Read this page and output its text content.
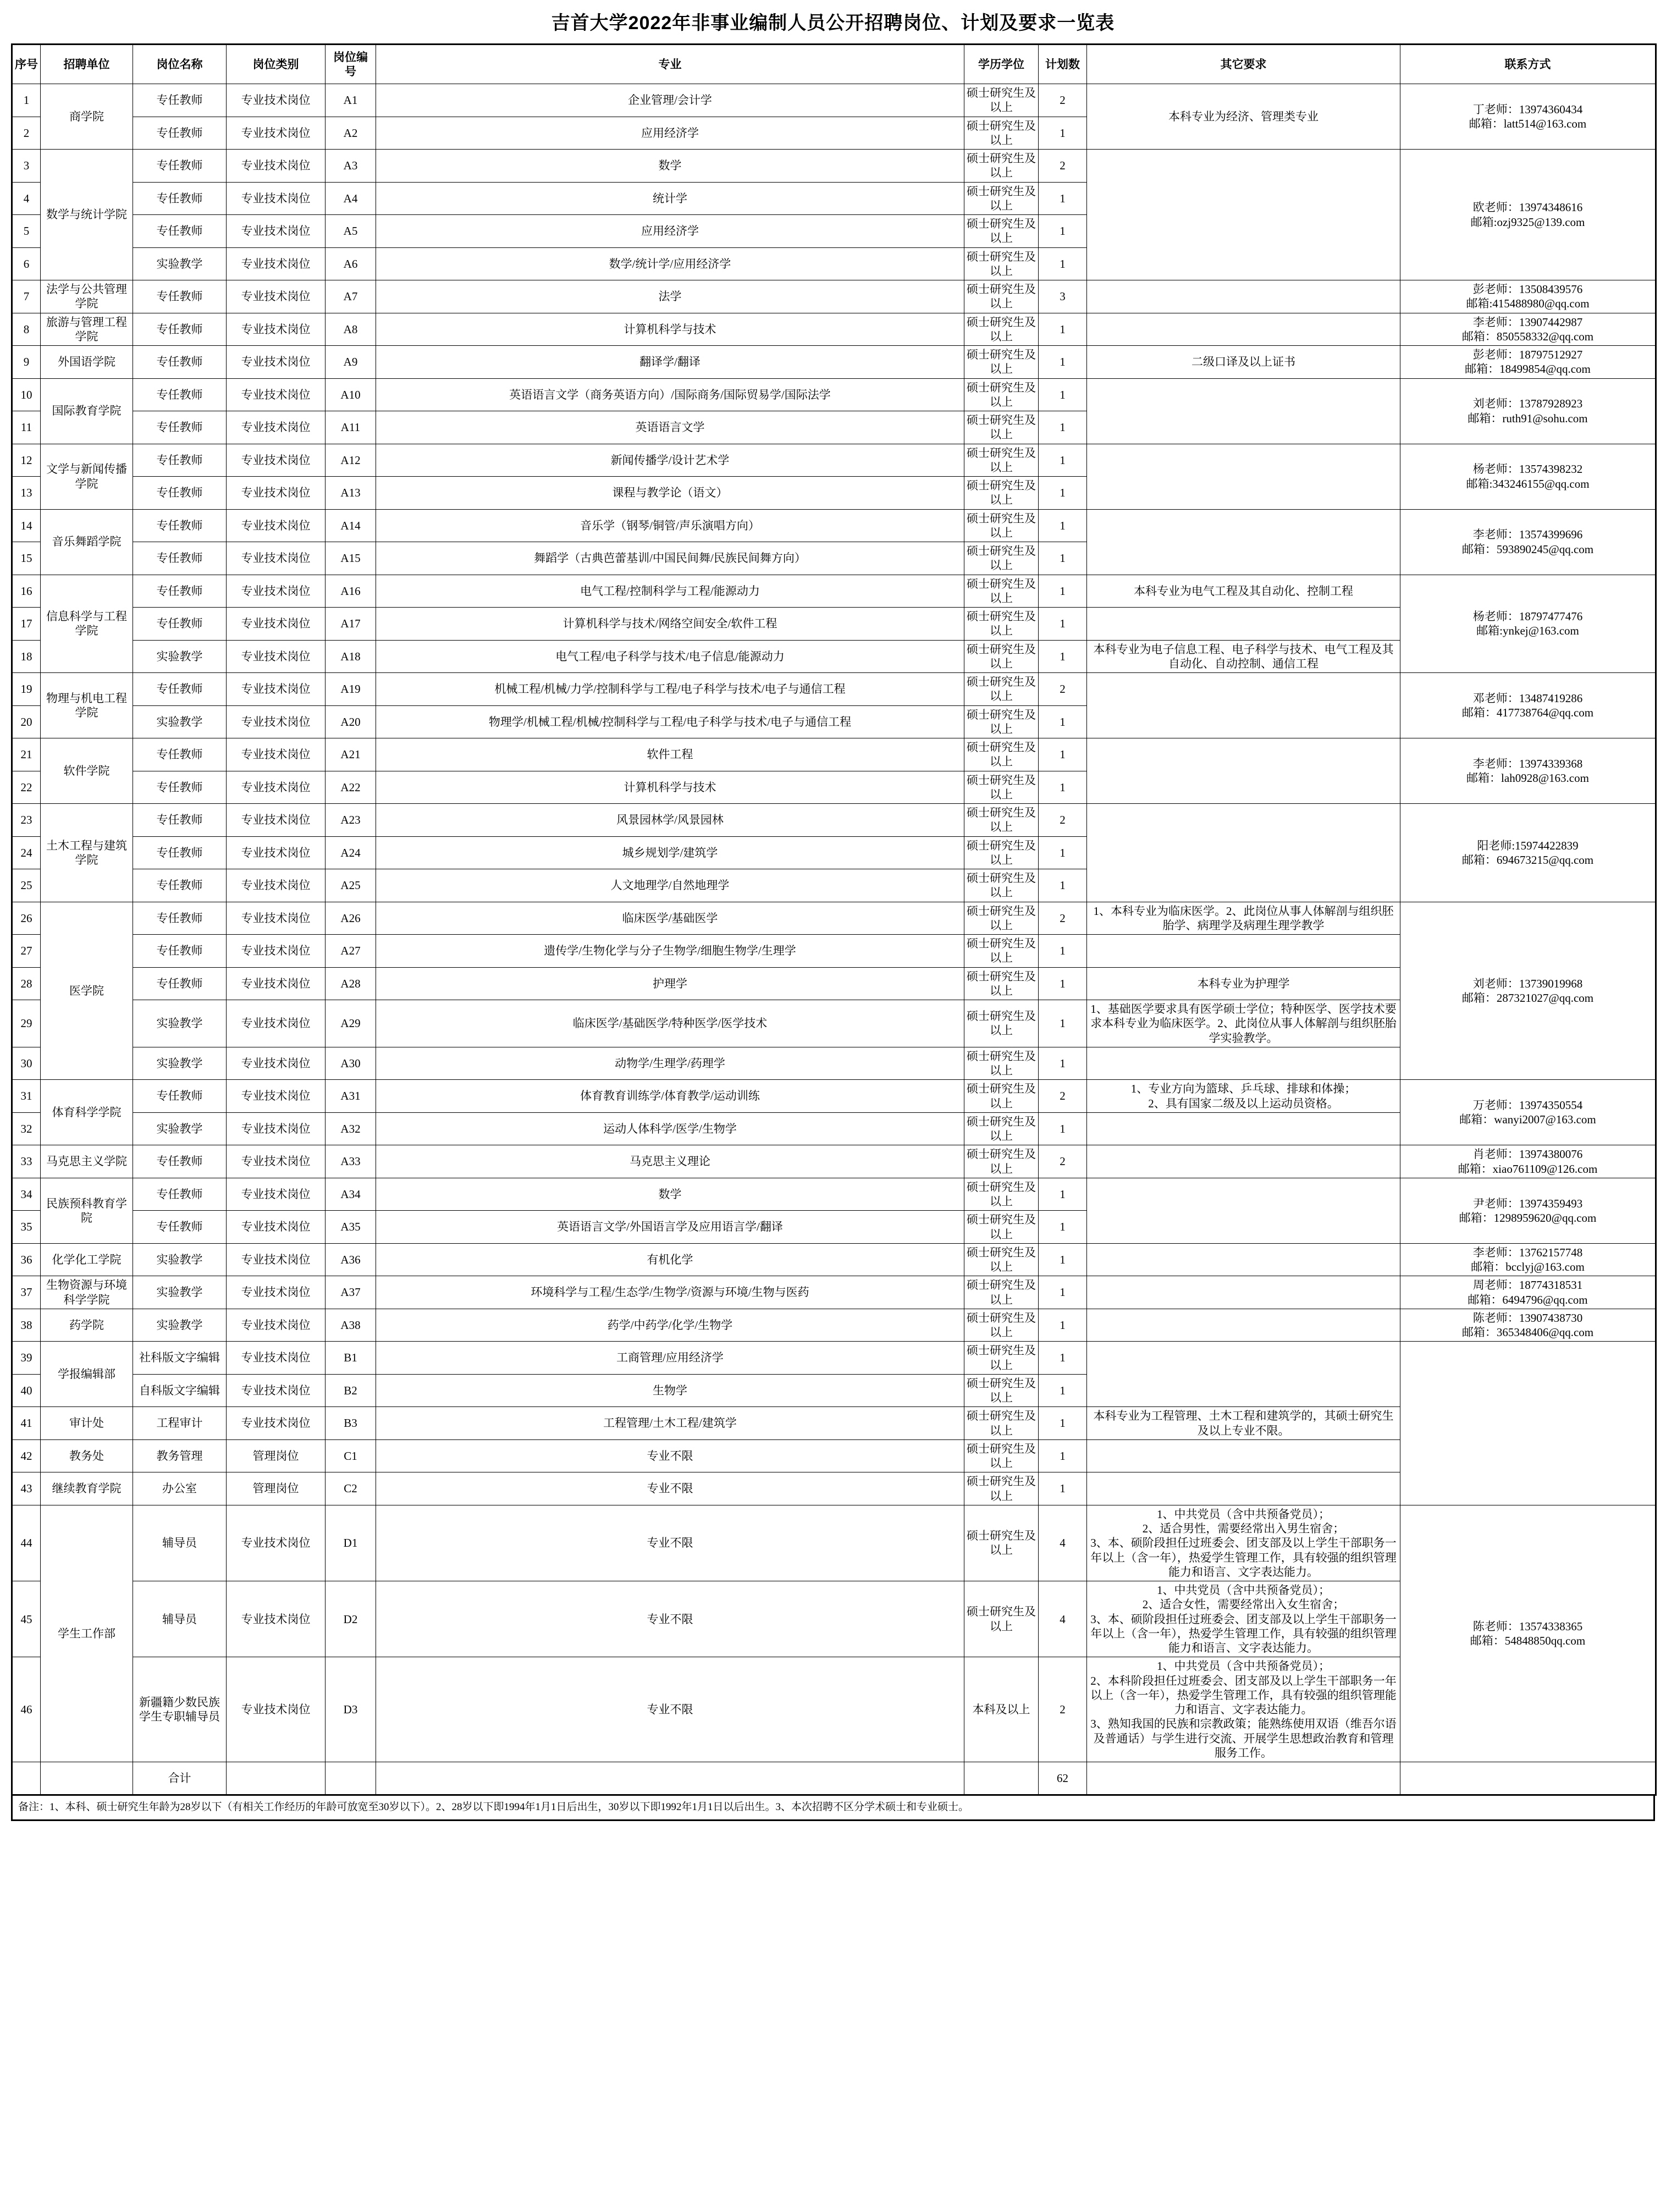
吉首大学2022年非事业编制人员公开招聘岗位、计划及要求一览表
序号	招聘单位	岗位名称	岗位类别	岗位编号	专业	学历学位	计划数	其它要求	联系方式
1	商学院	专任教师	专业技术岗位	A1	企业管理/会计学	硕士研究生及以上	2	本科专业为经济、管理类专业	丁老师：13974360434
邮箱：latt514@163.com
2		专任教师	专业技术岗位	A2	应用经济学	硕士研究生及以上	1		
3	数学与统计学院	专任教师	专业技术岗位	A3	数学	硕士研究生及以上	2		欧老师：13974348616
邮箱:ozj9325@139.com
4		专任教师	专业技术岗位	A4	统计学	硕士研究生及以上	1		
5		专任教师	专业技术岗位	A5	应用经济学	硕士研究生及以上	1		
6		实验教学	专业技术岗位	A6	数学/统计学/应用经济学	硕士研究生及以上	1		
7	法学与公共管理学院	专任教师	专业技术岗位	A7	法学	硕士研究生及以上	3		彭老师：13508439576
邮箱:415488980@qq.com
8	旅游与管理工程学院	专任教师	专业技术岗位	A8	计算机科学与技术	硕士研究生及以上	1		李老师：13907442987
邮箱：850558332@qq.com
9	外国语学院	专任教师	专业技术岗位	A9	翻译学/翻译	硕士研究生及以上	1	二级口译及以上证书	彭老师：18797512927
邮箱：18499854@qq.com
10	国际教育学院	专任教师	专业技术岗位	A10	英语语言文学（商务英语方向）/国际商务/国际贸易学/国际法学	硕士研究生及以上	1		刘老师：13787928923
邮箱：ruth91@sohu.com
11		专任教师	专业技术岗位	A11	英语语言文学	硕士研究生及以上	1		
12	文学与新闻传播学院	专任教师	专业技术岗位	A12	新闻传播学/设计艺术学	硕士研究生及以上	1		杨老师：13574398232
邮箱:343246155@qq.com
13		专任教师	专业技术岗位	A13	课程与教学论（语文）	硕士研究生及以上	1		
14	音乐舞蹈学院	专任教师	专业技术岗位	A14	音乐学（钢琴/铜管/声乐演唱方向）	硕士研究生及以上	1		李老师：13574399696
邮箱：593890245@qq.com
15		专任教师	专业技术岗位	A15	舞蹈学（古典芭蕾基训/中国民间舞/民族民间舞方向）	硕士研究生及以上	1		
16	信息科学与工程学院	专任教师	专业技术岗位	A16	电气工程/控制科学与工程/能源动力	硕士研究生及以上	1	本科专业为电气工程及其自动化、控制工程	杨老师：18797477476
邮箱:ynkej@163.com
17		专任教师	专业技术岗位	A17	计算机科学与技术/网络空间安全/软件工程	硕士研究生及以上	1		
18		实验教学	专业技术岗位	A18	电气工程/电子科学与技术/电子信息/能源动力	硕士研究生及以上	1	本科专业为电子信息工程、电子科学与技术、电气工程及其自动化、自动控制、通信工程	
19	物理与机电工程学院	专任教师	专业技术岗位	A19	机械工程/机械/力学/控制科学与工程/电子科学与技术/电子与通信工程	硕士研究生及以上	2		邓老师：13487419286
邮箱：417738764@qq.com
20		实验教学	专业技术岗位	A20	物理学/机械工程/机械/控制科学与工程/电子科学与技术/电子与通信工程	硕士研究生及以上	1		
21	软件学院	专任教师	专业技术岗位	A21	软件工程	硕士研究生及以上	1		李老师：13974339368
邮箱：lah0928@163.com
22		专任教师	专业技术岗位	A22	计算机科学与技术	硕士研究生及以上	1		
23	土木工程与建筑学院	专任教师	专业技术岗位	A23	风景园林学/风景园林	硕士研究生及以上	2		阳老师:15974422839
邮箱：694673215@qq.com
24		专任教师	专业技术岗位	A24	城乡规划学/建筑学	硕士研究生及以上	1		
25		专任教师	专业技术岗位	A25	人文地理学/自然地理学	硕士研究生及以上	1		
26	医学院	专任教师	专业技术岗位	A26	临床医学/基础医学	硕士研究生及以上	2	1、本科专业为临床医学。2、此岗位从事人体解剖与组织胚胎学、病理学及病理生理学教学	刘老师：13739019968
邮箱：287321027@qq.com
27		专任教师	专业技术岗位	A27	遗传学/生物化学与分子生物学/细胞生物学/生理学	硕士研究生及以上	1		
28		专任教师	专业技术岗位	A28	护理学	硕士研究生及以上	1	本科专业为护理学	
29		实验教学	专业技术岗位	A29	临床医学/基础医学/特种医学/医学技术	硕士研究生及以上	1	1、基础医学要求具有医学硕士学位；特种医学、医学技术要求本科专业为临床医学。2、此岗位从事人体解剖与组织胚胎学实验教学。	
30		实验教学	专业技术岗位	A30	动物学/生理学/药理学	硕士研究生及以上	1		
31	体育科学学院	专任教师	专业技术岗位	A31	体育教育训练学/体育教学/运动训练	硕士研究生及以上	2	1、专业方向为篮球、乒乓球、排球和体操；
2、具有国家二级及以上运动员资格。	万老师：13974350554
邮箱：wanyi2007@163.com
32		实验教学	专业技术岗位	A32	运动人体科学/医学/生物学	硕士研究生及以上	1		
33	马克思主义学院	专任教师	专业技术岗位	A33	马克思主义理论	硕士研究生及以上	2		肖老师：13974380076
邮箱：xiao761109@126.com
34	民族预科教育学院	专任教师	专业技术岗位	A34	数学	硕士研究生及以上	1		尹老师：13974359493
邮箱：1298959620@qq.com
35		专任教师	专业技术岗位	A35	英语语言文学/外国语言学及应用语言学/翻译	硕士研究生及以上	1		
36	化学化工学院	实验教学	专业技术岗位	A36	有机化学	硕士研究生及以上	1		李老师：13762157748
邮箱：bcclyj@163.com
37	生物资源与环境科学学院	实验教学	专业技术岗位	A37	环境科学与工程/生态学/生物学/资源与环境/生物与医药	硕士研究生及以上	1		周老师：18774318531
邮箱：6494796@qq.com
38	药学院	实验教学	专业技术岗位	A38	药学/中药学/化学/生物学	硕士研究生及以上	1		陈老师：13907438730
邮箱：365348406@qq.com
39	学报编辑部	社科版文字编辑	专业技术岗位	B1	工商管理/应用经济学	硕士研究生及以上	1		
40		自科版文字编辑	专业技术岗位	B2	生物学	硕士研究生及以上	1		
41	审计处	工程审计	专业技术岗位	B3	工程管理/土木工程/建筑学	硕士研究生及以上	1	本科专业为工程管理、土木工程和建筑学的，其硕士研究生及以上专业不限。	
42	教务处	教务管理	管理岗位	C1	专业不限	硕士研究生及以上	1		
43	继续教育学院	办公室	管理岗位	C2	专业不限	硕士研究生及以上	1		
44	学生工作部	辅导员	专业技术岗位	D1	专业不限	硕士研究生及以上	4	1、中共党员（含中共预备党员）；
2、适合男性，需要经常出入男生宿舍；
3、本、硕阶段担任过班委会、团支部及以上学生干部职务一年以上（含一年），热爱学生管理工作，具有较强的组织管理能力和语言、文字表达能力。	陈老师：13574338365
邮箱：54848850qq.com
45		辅导员	专业技术岗位	D2	专业不限	硕士研究生及以上	4	1、中共党员（含中共预备党员）；
2、适合女性，需要经常出入女生宿舍；
3、本、硕阶段担任过班委会、团支部及以上学生干部职务一年以上（含一年），热爱学生管理工作，具有较强的组织管理能力和语言、文字表达能力。	
46		新疆籍少数民族学生专职辅导员	专业技术岗位	D3	专业不限	本科及以上	2	1、中共党员（含中共预备党员）；
2、本科阶段担任过班委会、团支部及以上学生干部职务一年以上（含一年），热爱学生管理工作，具有较强的组织管理能力和语言、文字表达能力。
3、熟知我国的民族和宗教政策；能熟练使用双语（维吾尔语及普通话）与学生进行交流、开展学生思想政治教育和管理服务工作。	
		合计					62		
备注：1、本科、硕士研究生年龄为28岁以下（有相关工作经历的年龄可放宽至30岁以下）。2、28岁以下即1994年1月1日后出生，30岁以下即1992年1月1日以后出生。3、本次招聘不区分学术硕士和专业硕士。
